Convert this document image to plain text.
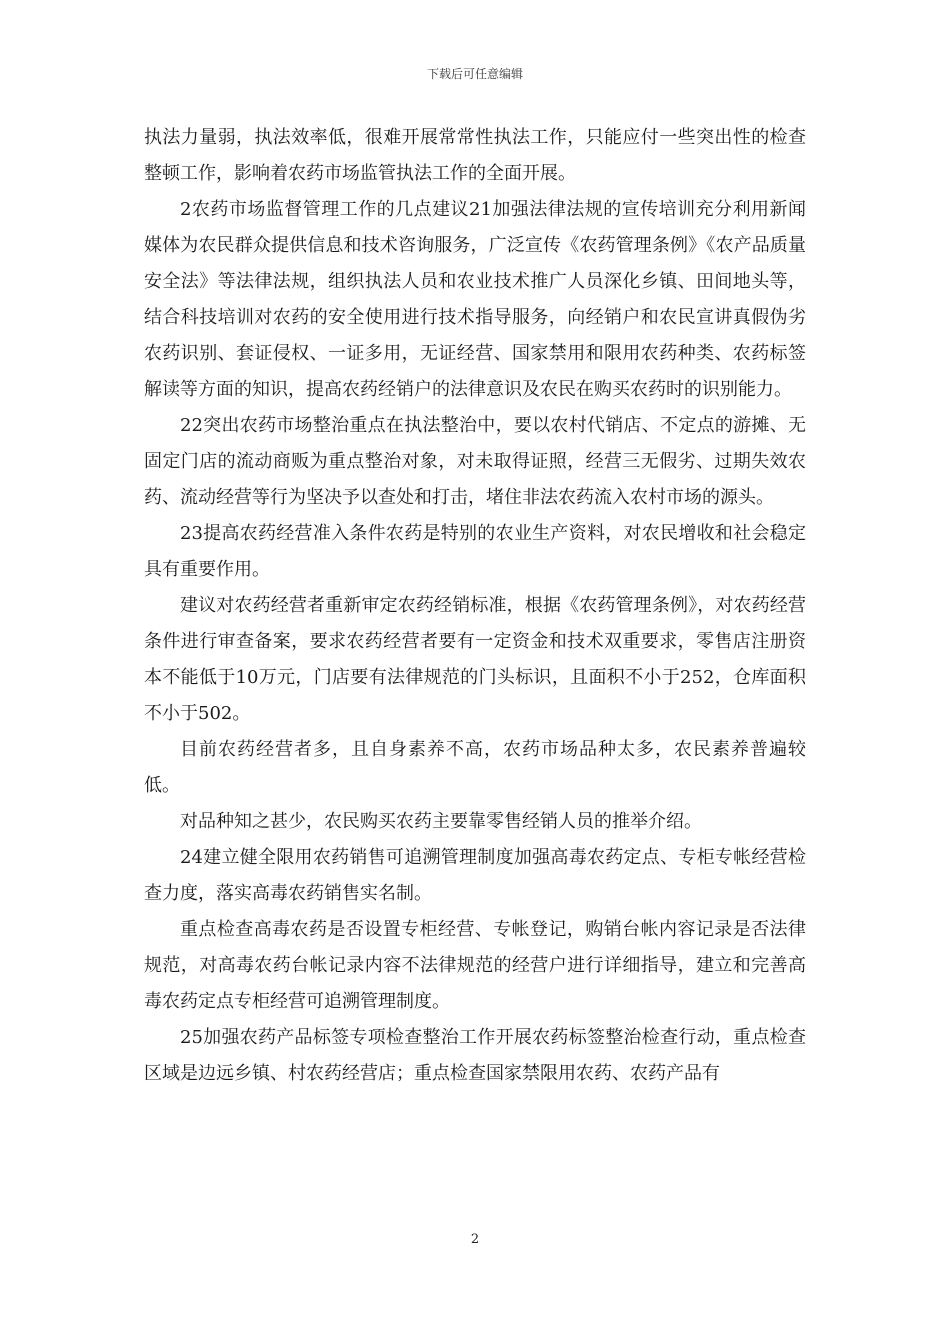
下载后可任意编辑

执法力量弱，执法效率低，很难开展常常性执法工作，只能应付一些突出性的检查整顿工作，影响着农药市场监管执法工作的全面开展。

2农药市场监督管理工作的几点建议21加强法律法规的宣传培训充分利用新闻媒体为农民群众提供信息和技术咨询服务，广泛宣传《农药管理条例》《农产品质量安全法》等法律法规，组织执法人员和农业技术推广人员深化乡镇、田间地头等，结合科技培训对农药的安全使用进行技术指导服务，向经销户和农民宣讲真假伪劣农药识别、套证侵权、一证多用，无证经营、国家禁用和限用农药种类、农药标签解读等方面的知识，提高农药经销户的法律意识及农民在购买农药时的识别能力。

22突出农药市场整治重点在执法整治中，要以农村代销店、不定点的游摊、无固定门店的流动商贩为重点整治对象，对未取得证照，经营三无假劣、过期失效农药、流动经营等行为坚决予以查处和打击，堵住非法农药流入农村市场的源头。

23提高农药经营准入条件农药是特别的农业生产资料，对农民增收和社会稳定具有重要作用。

建议对农药经营者重新审定农药经销标准，根据《农药管理条例》，对农药经营条件进行审查备案，要求农药经营者要有一定资金和技术双重要求，零售店注册资本不能低于10万元，门店要有法律规范的门头标识，且面积不小于252，仓库面积不小于502。

目前农药经营者多，且自身素养不高，农药市场品种太多，农民素养普遍较低。

对品种知之甚少，农民购买农药主要靠零售经销人员的推举介绍。

24建立健全限用农药销售可追溯管理制度加强高毒农药定点、专柜专帐经营检查力度，落实高毒农药销售实名制。

重点检查高毒农药是否设置专柜经营、专帐登记，购销台帐内容记录是否法律规范，对高毒农药台帐记录内容不法律规范的经营户进行详细指导，建立和完善高毒农药定点专柜经营可追溯管理制度。

25加强农药产品标签专项检查整治工作开展农药标签整治检查行动，重点检查区域是边远乡镇、村农药经营店；重点检查国家禁限用农药、农药产品有

2
